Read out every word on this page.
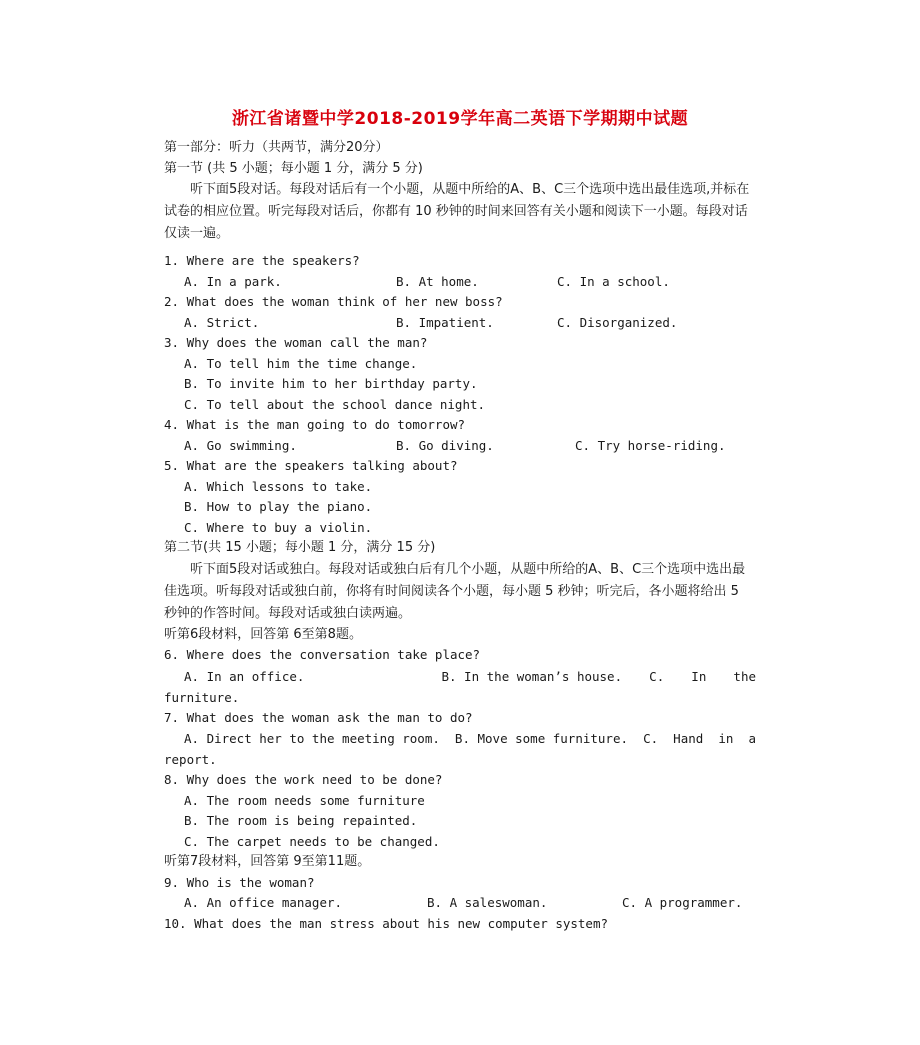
浙江省诸暨中学2018-2019学年高二英语下学期期中试题
第一部分：听力（共两节，满分20分）
第一节 (共 5 小题；每小题 1 分，满分 5 分)
听下面5段对话。每段对话后有一个小题，从题中所给的A、B、C三个选项中选出最佳选项,并标在试卷的相应位置。听完每段对话后，你都有 10 秒钟的时间来回答有关小题和阅读下一小题。每段对话仅读一遍。
1. Where are the speakers?
A. In a park.	B. At home.	C. In a school.
2. What does the woman think of her new boss?
A. Strict.	B. Impatient.	C. Disorganized.
3. Why does the woman call the man?
A. To tell him the time change.
B. To invite him to her birthday party.
C. To tell about the school dance night.
4. What is the man going to do tomorrow?
A. Go swimming.	B. Go diving.	C. Try horse-riding.
5. What are the speakers talking about?
A. Which lessons to take.
B. How to play the piano.
C. Where to buy a violin.
第二节(共 15 小题；每小题 1 分，满分 15 分)
听下面5段对话或独白。每段对话或独白后有几个小题，从题中所给的A、B、C三个选项中选出最佳选项。听每段对话或独白前，你将有时间阅读各个小题，每小题 5 秒钟；听完后，各小题将给出 5 秒钟的作答时间。每段对话或独白读两遍。
听第6段材料，回答第 6至第8题。
6. Where does the conversation take place?
A. In an office.	B. In the woman’s house. C. In the
furniture.
7. What does the woman ask the man to do?
A. Direct her to the meeting room. B. Move some furniture. C. Hand in a
report.
8. Why does the work need to be done?
A. The room needs some furniture
B. The room is being repainted.
C. The carpet needs to be changed.
听第7段材料，回答第 9至第11题。
9. Who is the woman?
A. An office manager.	B. A saleswoman.	C. A programmer.
10. What does the man stress about his new computer system?
